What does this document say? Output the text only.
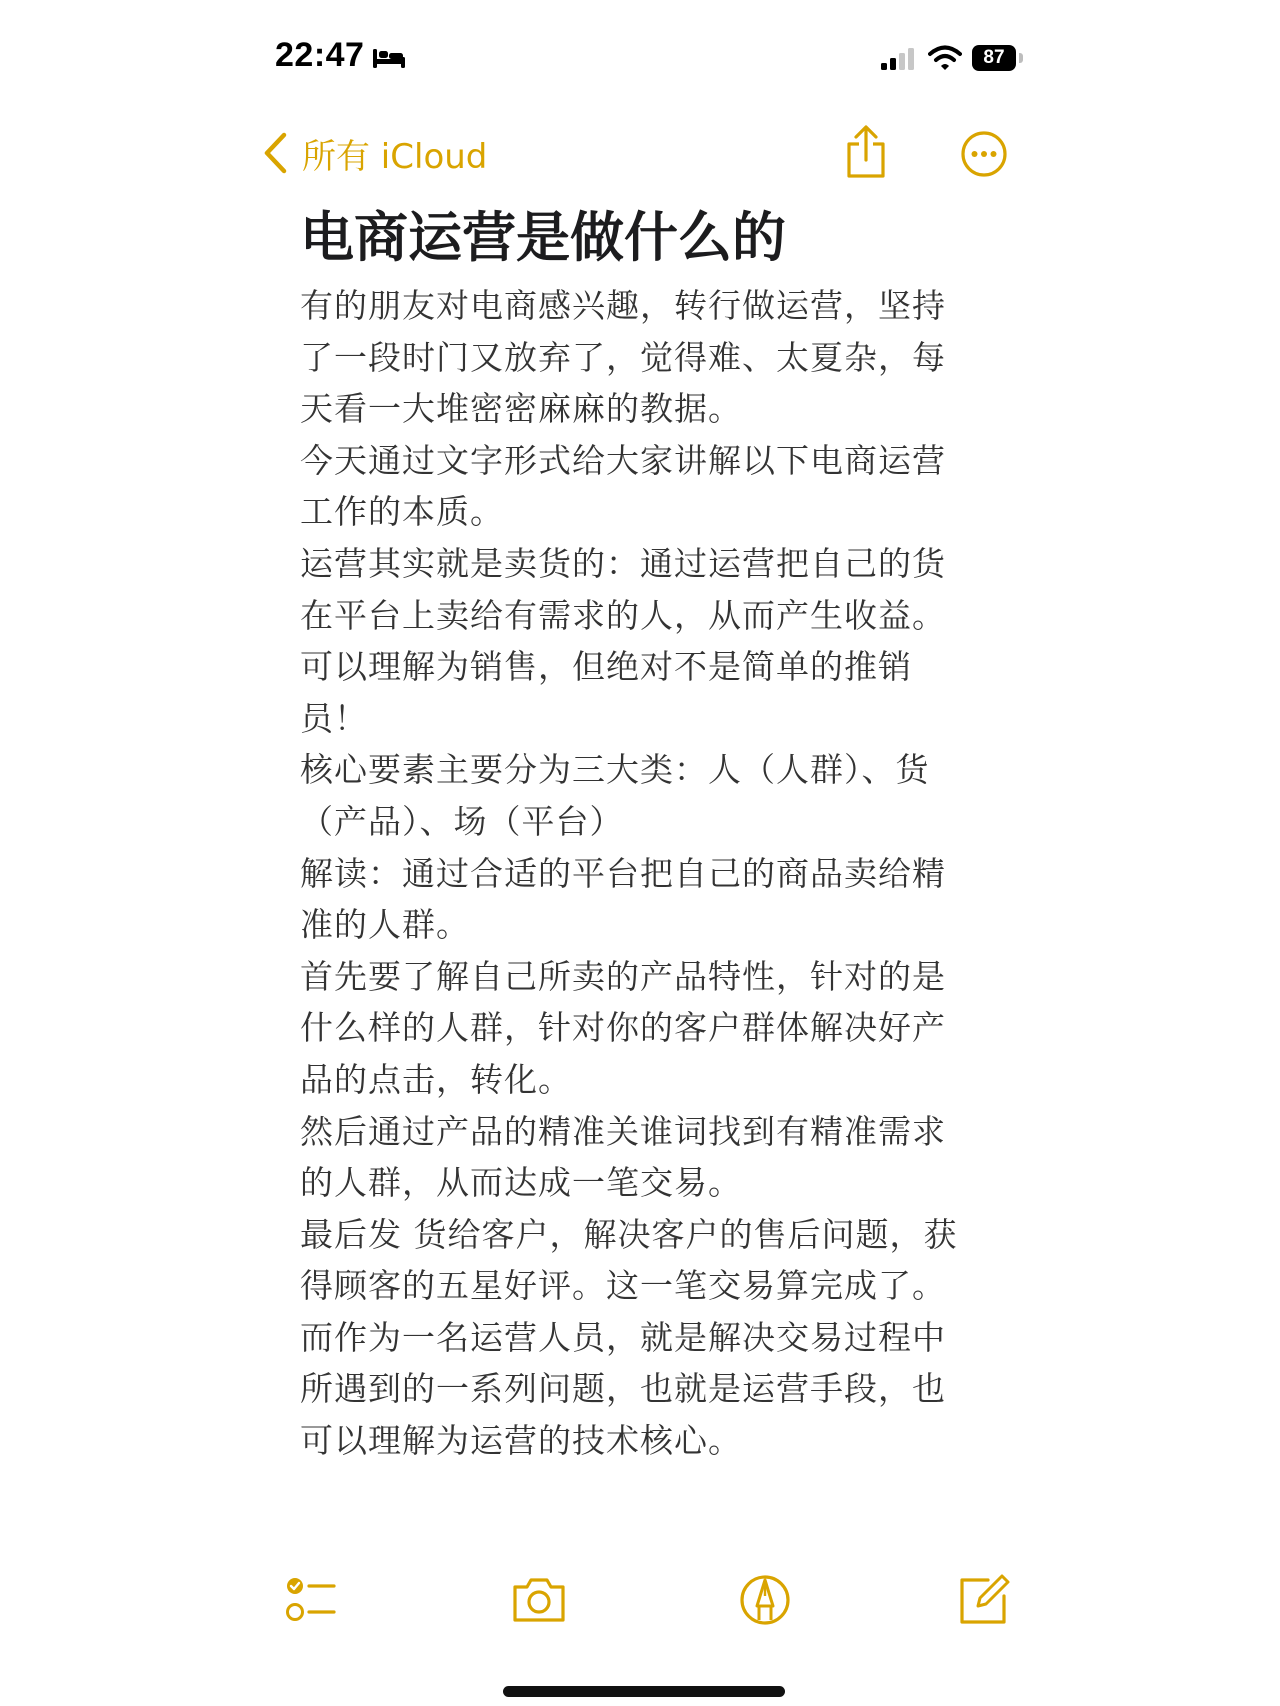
22:47	87
所有 iCloud
电商运营是做什么的

有的朋友对电商感兴趣，转行做运营，坚持了一段时门又放弃了，觉得难、太夏杂，每天看一大堆密密麻麻的教据。

今天通过文字形式给大家讲解以下电商运营工作的本质。

运营其实就是卖货的：通过运营把自己的货在平台上卖给有需求的人，从而产生收益。可以理解为销售，但绝对不是简单的推销员！

核心要素主要分为三大类：人（人群）、货（产品）、场（平台）

解读：通过合适的平台把自己的商品卖给精准的人群。

首先要了解自己所卖的产品特性，针对的是什么样的人群，针对你的客户群体解决好产品的点击，转化。

然后通过产品的精准关谁词找到有精准需求的人群，从而达成一笔交易。

最后发 货给客户，解决客户的售后问题，获得顾客的五星好评。这一笔交易算完成了。

而作为一名运营人员，就是解决交易过程中所遇到的一系列问题，也就是运营手段，也可以理解为运营的技术核心。
